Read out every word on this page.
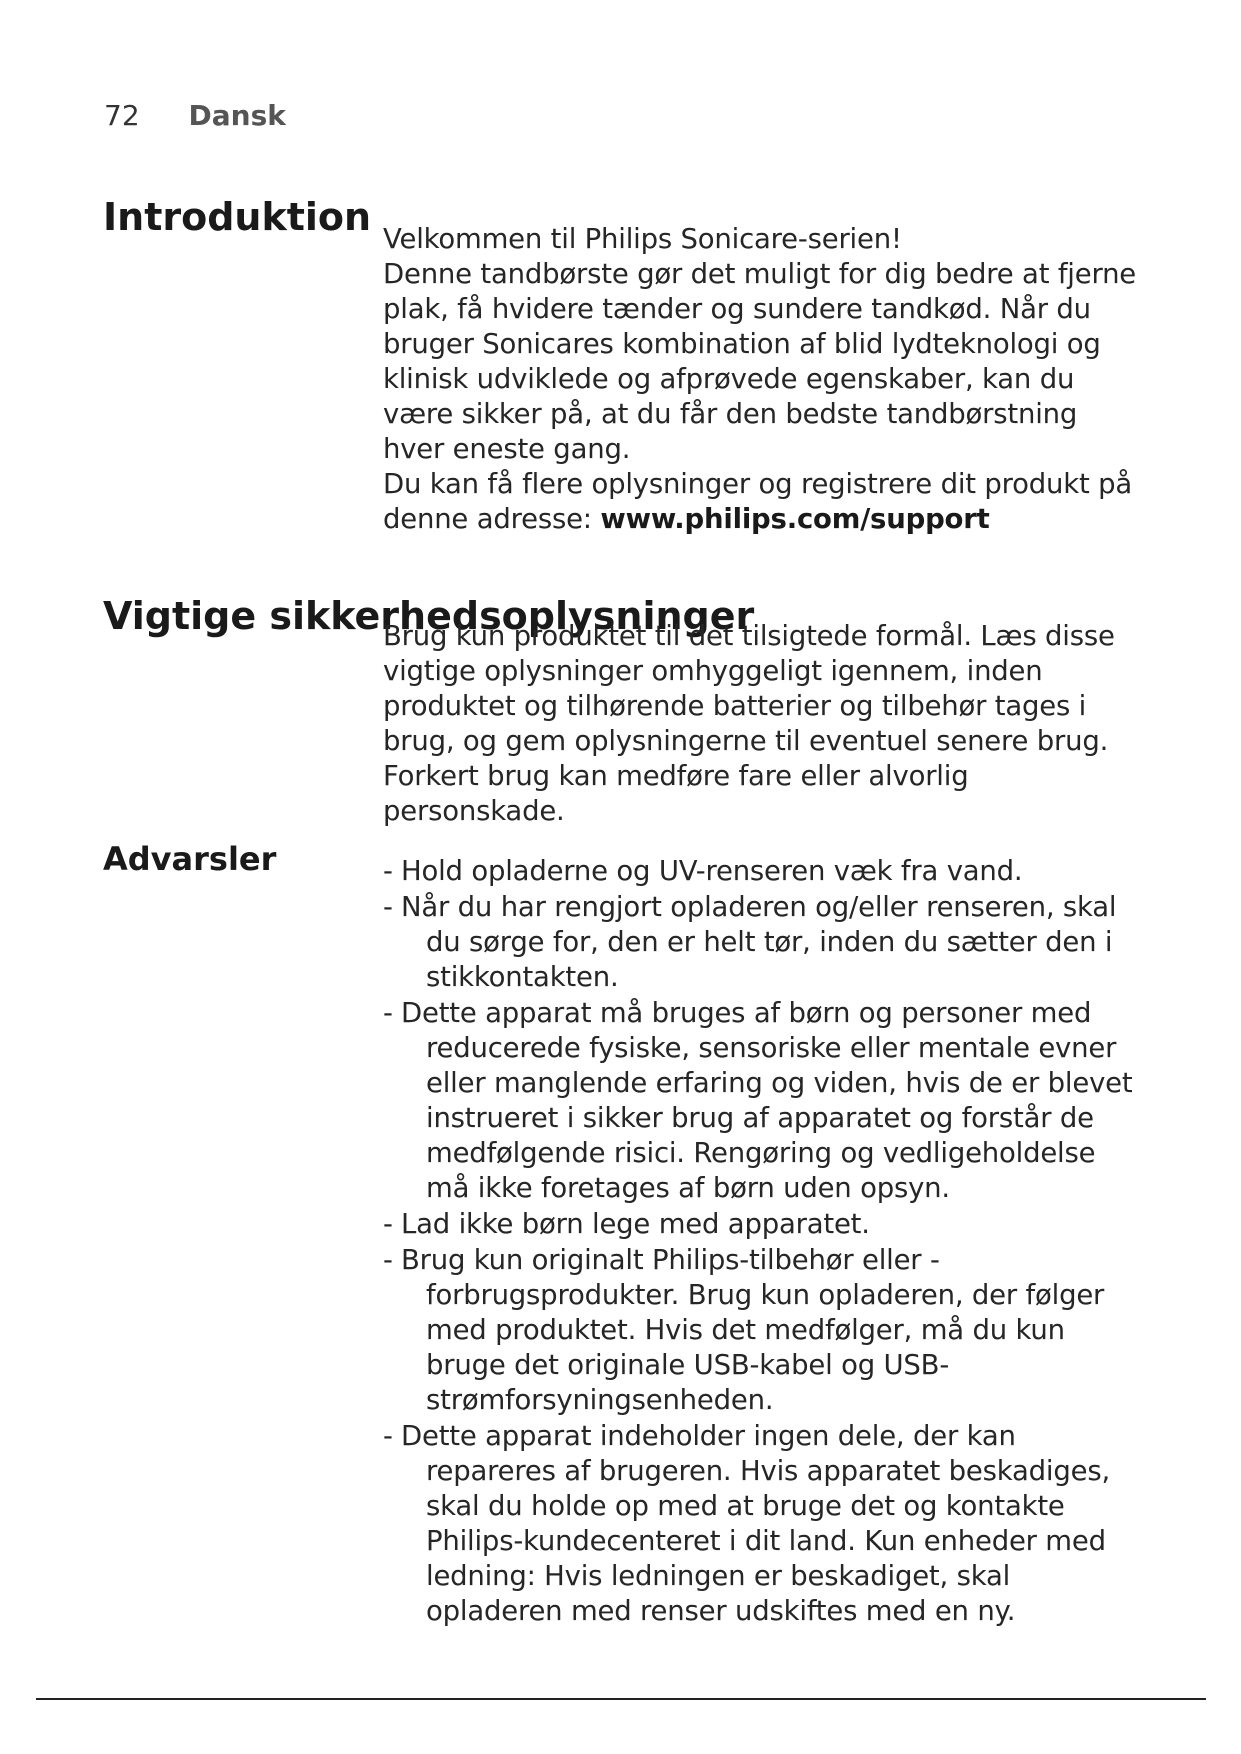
72 Dansk
Introduktion Velkommen til Philips Sonicare-serien!

Denne tandbørste gør det muligt for dig bedre at fjerne plak, få hvidere tænder og sundere tandkød. Når du bruger Sonicares kombination af blid lydteknologi og klinisk udviklede og afprøvede egenskaber, kan du være sikker på, at du får den bedste tandbørstning hver eneste gang.

Du kan få flere oplysninger og registrere dit produkt på denne adresse: www.philips.com/support

Vigtige sikkerhedsoplysninger

Brug kun produktet til det tilsigtede formål. Læs disse vigtige oplysninger omhyggeligt igennem, inden produktet og tilhørende batterier og tilbehør tages i brug, og gem oplysningerne til eventuel senere brug. Forkert brug kan medføre fare eller alvorlig personskade.

Advarsler	- Hold opladerne og UV-renseren væk fra vand.
- Når du har rengjort opladeren og/eller renseren, skal du sørge for, den er helt tør, inden du sætter den i stikkontakten.
- Dette apparat må bruges af børn og personer med reducerede fysiske, sensoriske eller mentale evner eller manglende erfaring og viden, hvis de er blevet instrueret i sikker brug af apparatet og forstår de medfølgende risici. Rengøring og vedligeholdelse må ikke foretages af børn uden opsyn.
- Lad ikke børn lege med apparatet.
- Brug kun originalt Philips-tilbehør eller -forbrugsprodukter. Brug kun opladeren, der følger med produktet. Hvis det medfølger, må du kun bruge det originale USB-kabel og USB-strømforsyningsenheden.
- Dette apparat indeholder ingen dele, der kan repareres af brugeren. Hvis apparatet beskadiges, skal du holde op med at bruge det og kontakte Philips-kundecenteret i dit land. Kun enheder med ledning: Hvis ledningen er beskadiget, skal opladeren med renser udskiftes med en ny.
